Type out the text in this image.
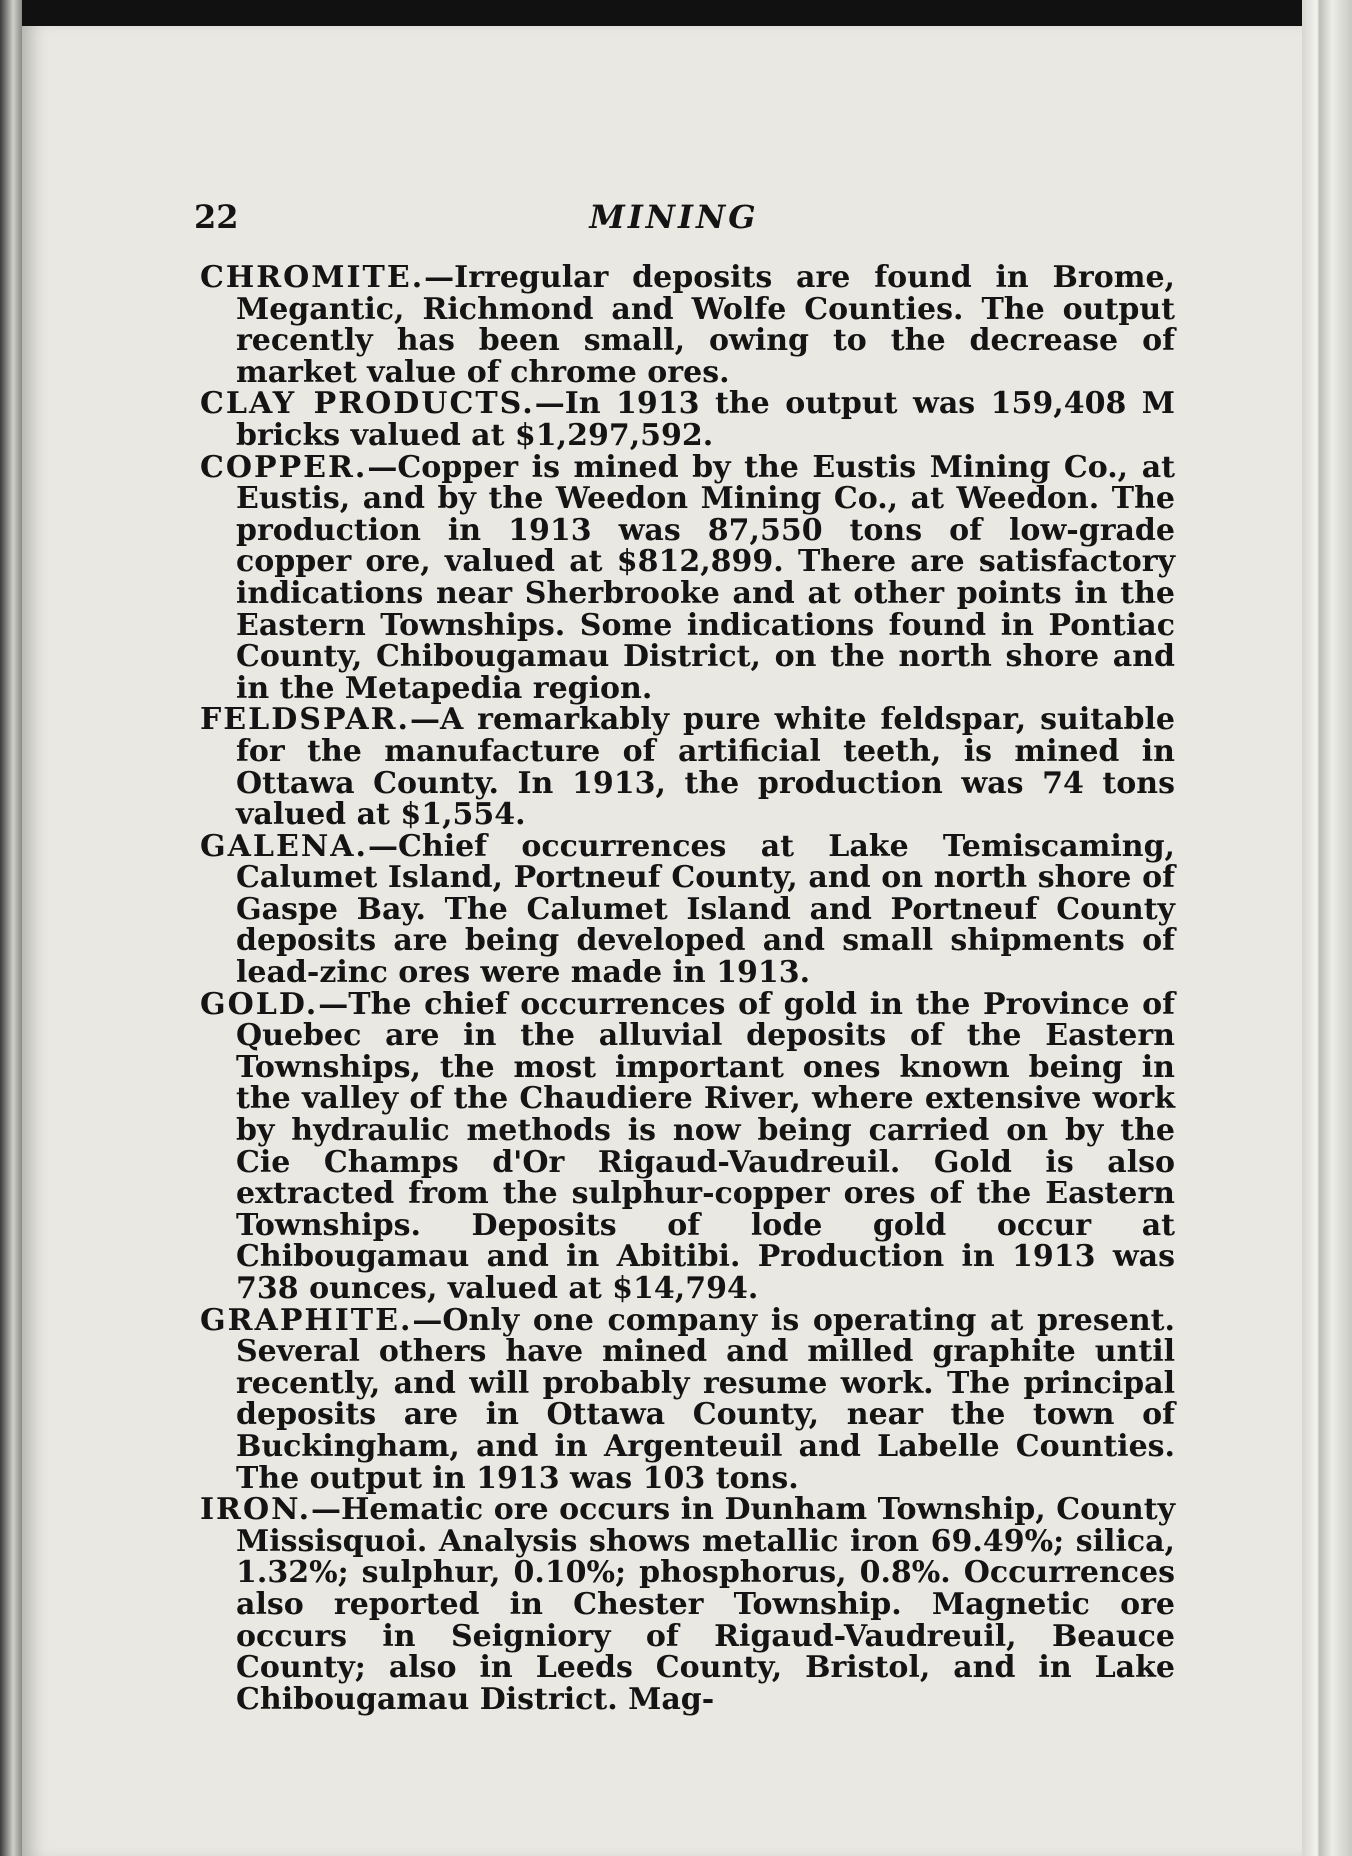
22	MINING

CHROMITE.—Irregular deposits are found in Brome, Megantic, Richmond and Wolfe Counties. The output recently has been small, owing to the decrease of market value of chrome ores.

CLAY PRODUCTS.—In 1913 the output was 159,408 M bricks valued at $1,297,592.

COPPER.—Copper is mined by the Eustis Mining Co., at Eustis, and by the Weedon Mining Co., at Weedon. The production in 1913 was 87,550 tons of low-grade copper ore, valued at $812,899. There are satisfactory indications near Sherbrooke and at other points in the Eastern Townships. Some indications found in Pontiac County, Chibougamau District, on the north shore and in the Metapedia region.

FELDSPAR.—A remarkably pure white feldspar, suitable for the manufacture of artificial teeth, is mined in Ottawa County. In 1913, the production was 74 tons valued at $1,554.

GALENA.—Chief occurrences at Lake Temiscaming, Calumet Island, Portneuf County, and on north shore of Gaspe Bay. The Calumet Island and Portneuf County deposits are being developed and small shipments of lead-zinc ores were made in 1913.

GOLD.—The chief occurrences of gold in the Province of Quebec are in the alluvial deposits of the Eastern Townships, the most important ones known being in the valley of the Chaudiere River, where extensive work by hydraulic methods is now being carried on by the Cie Champs d'Or Rigaud-Vaudreuil. Gold is also extracted from the sulphur-copper ores of the Eastern Townships. Deposits of lode gold occur at Chibougamau and in Abitibi. Production in 1913 was 738 ounces, valued at $14,794.

GRAPHITE.—Only one company is operating at present. Several others have mined and milled graphite until recently, and will probably resume work. The principal deposits are in Ottawa County, near the town of Buckingham, and in Argenteuil and Labelle Counties. The output in 1913 was 103 tons.

IRON.—Hematic ore occurs in Dunham Township, County Missisquoi. Analysis shows metallic iron 69.49%; silica, 1.32%; sulphur, 0.10%; phosphorus, 0.8%. Occurrences also reported in Chester Township. Magnetic ore occurs in Seigniory of Rigaud-Vaudreuil, Beauce County; also in Leeds County, Bristol, and in Lake Chibougamau District. Mag-
